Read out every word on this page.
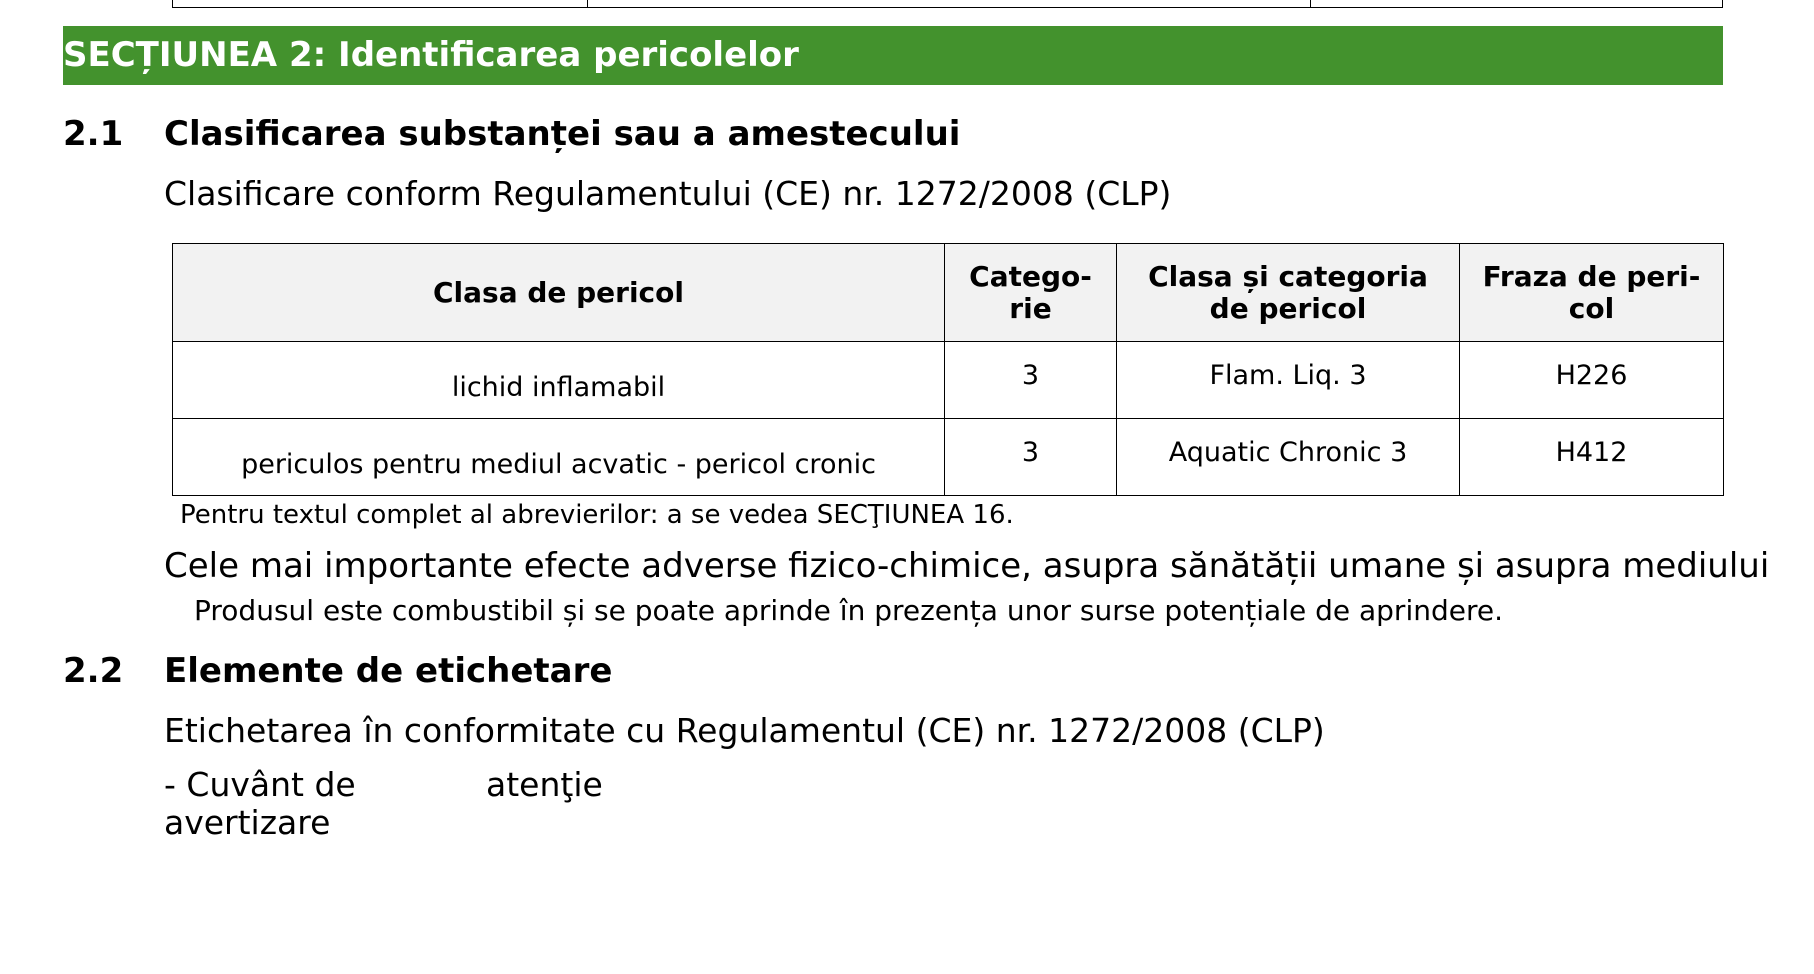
SECȚIUNEA 2: Identificarea pericolelor
2.1 Clasificarea substanței sau a amestecului
Clasificare conform Regulamentului (CE) nr. 1272/2008 (CLP)
Clasa de pericol	Catego-rie	Clasa și categoria de pericol	Fraza de peri-col
lichid inflamabil	3	Flam. Liq. 3	H226
periculos pentru mediul acvatic - pericol cronic	3	Aquatic Chronic 3	H412
Pentru textul complet al abrevierilor: a se vedea SECŢIUNEA 16.
Cele mai importante efecte adverse fizico-chimice, asupra sănătății umane și asupra mediului
Produsul este combustibil și se poate aprinde în prezența unor surse potențiale de aprindere.
2.2 Elemente de etichetare
Etichetarea în conformitate cu Regulamentul (CE) nr. 1272/2008 (CLP)
- Cuvânt de avertizare
atenţie
